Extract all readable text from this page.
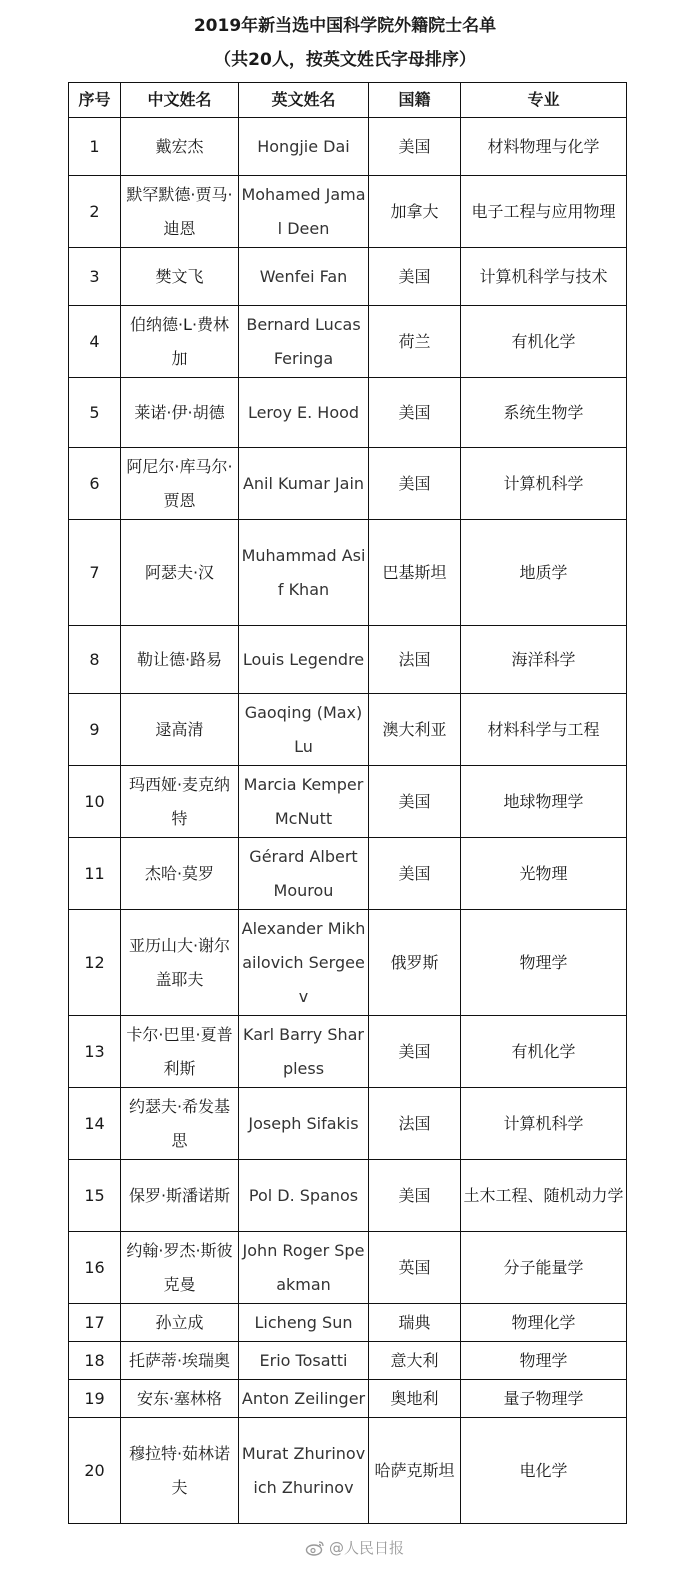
2019年新当选中国科学院外籍院士名单
（共20人，按英文姓氏字母排序）
序号	中文姓名	英文姓名	国籍	专业
1	戴宏杰	Hongjie Dai	美国	材料物理与化学
2	默罕默德·贾马·迪恩	Mohamed Jamal Deen	加拿大	电子工程与应用物理
3	樊文飞	Wenfei Fan	美国	计算机科学与技术
4	伯纳德·L·费林加	Bernard Lucas Feringa	荷兰	有机化学
5	莱诺·伊·胡德	Leroy E. Hood	美国	系统生物学
6	阿尼尔·库马尔·贾恩	Anil Kumar Jain	美国	计算机科学
7	阿瑟夫·汉	Muhammad Asif Khan	巴基斯坦	地质学
8	勒让德·路易	Louis Legendre	法国	海洋科学
9	逯高清	Gaoqing (Max) Lu	澳大利亚	材料科学与工程
10	玛西娅·麦克纳特	Marcia Kemper McNutt	美国	地球物理学
11	杰哈·莫罗	Gérard Albert Mourou	美国	光物理
12	亚历山大·谢尔盖耶夫	Alexander Mikhailovich Sergeev	俄罗斯	物理学
13	卡尔·巴里·夏普利斯	Karl Barry Sharpless	美国	有机化学
14	约瑟夫·希发基思	Joseph Sifakis	法国	计算机科学
15	保罗·斯潘诺斯	Pol D. Spanos	美国	土木工程、随机动力学
16	约翰·罗杰·斯彼克曼	John Roger Speakman	英国	分子能量学
17	孙立成	Licheng Sun	瑞典	物理化学
18	托萨蒂·埃瑞奥	Erio Tosatti	意大利	物理学
19	安东·塞林格	Anton Zeilinger	奥地利	量子物理学
20	穆拉特·茹林诺夫	Murat Zhurinovich Zhurinov	哈萨克斯坦	电化学
@人民日报
